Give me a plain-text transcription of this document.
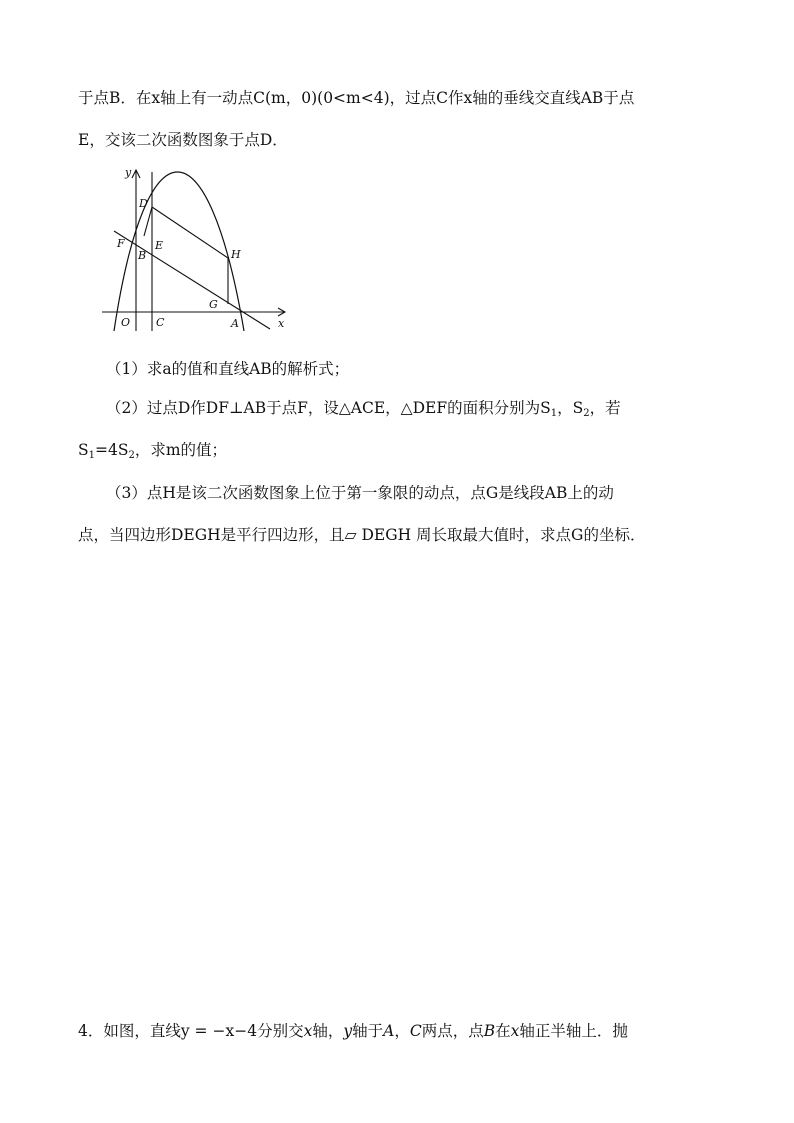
于点B．在x轴上有一动点C(m，0)(0<m<4)，过点C作x轴的垂线交直线AB于点
E，交该二次函数图象于点D．
y
x
O C	A
B
D
E
F
G
H
（1）求a的值和直线AB的解析式；
（2）过点D作DF⊥AB于点F，设△ACE，△DEF的面积分别为$S_1$，$S_2$，若
$S_1=4S_2$，求m的值；
（3）点H是该二次函数图象上位于第一象限的动点，点G是线段AB上的动
点，当四边形DEGH是平行四边形，且▱ DEGH 周长取最大值时，求点G的坐标．
4．如图，直线y = −x−4分别交x轴，y轴于A，C两点，点B在x轴正半轴上．抛
